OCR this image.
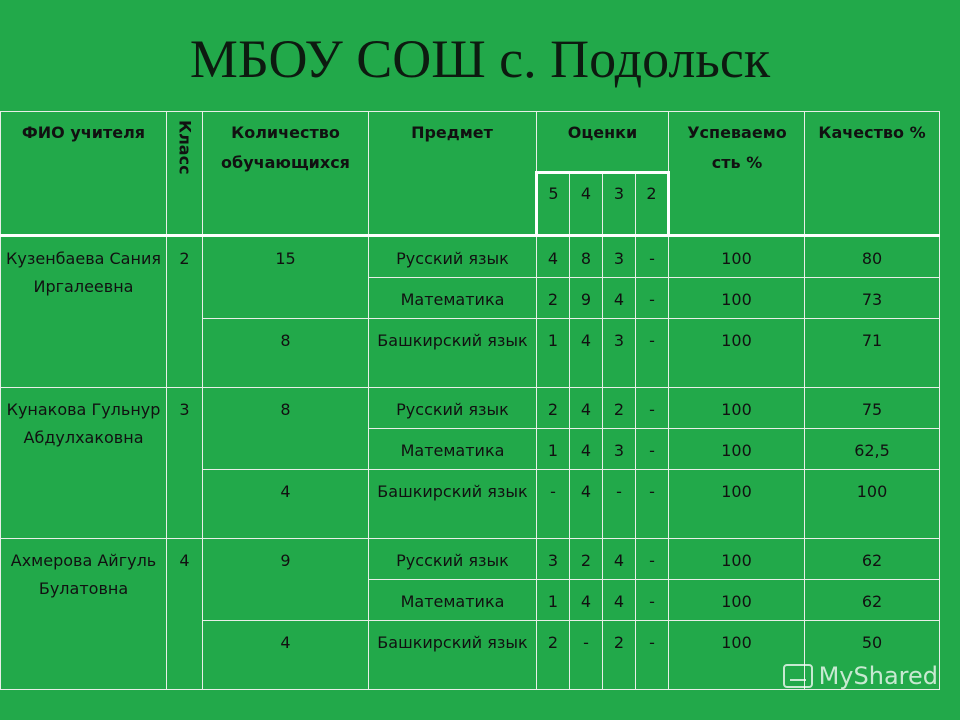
МБОУ СОШ с. Подольск
ФИО учителя	Класс	Количество обучающихся	Предмет	Оценки				Успеваемо сть %	Качество %
				5	4	3	2		
Кузенбаева Сания Иргалеевна	2	15	Русский язык	4	8	3	-	100	80
			Математика	2	9	4	-	100	73
		8	Башкирский язык	1	4	3	-	100	71
Кунакова Гульнур Абдулхаковна	3	8	Русский язык	2	4	2	-	100	75
			Математика	1	4	3	-	100	62,5
		4	Башкирский язык	-	4	-	-	100	100
Ахмерова Айгуль Булатовна	4	9	Русский язык	3	2	4	-	100	62
			Математика	1	4	4	-	100	62
		4	Башкирский язык	2	-	2	-	100	50
MyShared
